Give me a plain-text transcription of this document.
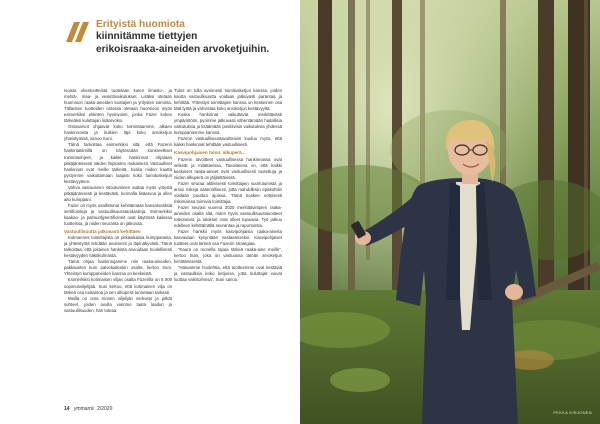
Erityistä huomiota
kiinnitämme tiettyjen
erikoisraaka-aineiden arvoketjuihin.

Isoista ohestuotteista tuotetaan kuten ilmasto-, ja metsä-, maa- ja vesistövaikutukset. Lisäksi otetaan huomioon raaka-aineiden tuottajien ja yritysten toiminta. Tällaisten tuotteiden ostossa otetaan huomioon myös esimerkiksi eläinten hyvinvointi, jonka Fazer kokee tärkeäksi kuluttajan lisäarvoksi.

Ostosarvot ohjaavat koko toimintaamme, alkaen hankinnoista ja kulkien läpi koko arvoketjun yhteistyössä, sanoo Suni.

Tämä tarkoittaa esimerkiksi sitä, että Fazerin hankintatiimillä on käytössään konkreettiset toimintaohjeet, ja kaikki hankinnat ohjataan pitkäjänteisesti näiden linjausten mukaisesti. Vastuulliset hankinnat ovat meille tärkeitä, koska niiden kautta pystymme vaikuttamaan laajasti koko toimitusketjun kestävyyteen.

Vahva vastuuseen sitoutuminen auttaa myös yritystä pitkäjänteisesti ja kestävästi, luomalla lisäarvoa ja ollen aito kumppani.

Fazer on myös osallistunut kehittämään kansainvälisiä sertifiointeja ja vastuullisuusstandardeja. Esimerkiksi kaakao- ja palmuöljysertifioinnit ovat käytössä kaikissa tuotteissa, ja niiden seuranta on jatkuvaa.

Vastuullisuutta jatkuvasti kehittäen

Kolmannes toimittajista on pitkäaikaisia kumppaneita, ja yhteistyötä tehdään avoimesti ja läpinäkyvästi. Tämä tarkoittaa, että jokainen hankinta arvioidaan huolellisesti kestävyyden näkökulmasta.

Tämä ohjaa hankintojamme niin raaka-aineiden, pakkausten kuin palveluidenkin osalta, kertoo Suni. Yhteistyö kumppaneiden kanssa on keskeistä.

Esimerkiksi kotimaisen viljan osalta Fazerilla on 6 000 sopimusviljelijää. Suni kertoo, että kotimainen vilja on tärkeä osa tuotantoa ja sen alkuperä tunnetaan tarkasti.

Meillä on oma monen viljelijän verkosto ja pitkät suhteet, joiden avulla voimme taata laadun ja vastuullisuuden, hän toteaa.

Tulos on tulla avoimesti toimitusketjun kanssa, joiden kautta vastuullisuutta voidaan jatkuvasti parantaa ja kehittää. Yhteistyö toimittajien kanssa on keskeinen osa tätä työtä ja vahvistaa koko arvoketjun kestävyyttä.

Koska hankinnat vaikuttavat merkittävästi ympäristöön, pyrimme jatkuvasti vähentämään haitallisia vaikutuksia ja lisäämään positiivisia vaikutuksia yhdessä kumppaniemme kanssa.

Fazerin vastuullisuustavoitteisiin kuuluu myös, että kaikki hankinnat tehdään vastuullisesti.

Kasvipohjaisen tulon, alkuperä...

Fazerin tavoitteet vastuullisessa hankinnassa ovat selkeät ja mitattavissa. Tavoitteena on, että kaikki keskeiset raaka-aineet ovat vastuullisesti tuotettuja ja niiden alkuperä on jäljitettävissä.

Fazer seuraa aktiivisesti toimittajien suoriutumista ja arvioi riskejä säännöllisesti, jotta mahdollisiin epäkohtiin voidaan puuttua ajoissa. Tämä koskee erityisesti riskimaissa toimivia toimittajia.

Fazer seurasi vuonna 2020 merkittävimpien raaka-aineiden osalta sitä, miten hyvin vastuullisuustavoitteet toteutuivat, ja tulokset ovat olleet lupaavia. Työ jatkuu edelleen kehittämällä seurantaa ja raportointia.

Fazer hankkii myös kasvipohjaisia raaka-aineita kasvavaan kysyntään vastaamiseksi. Kasvipohjaiset tuotteet ovat tärkeä osa Fazerin strategiaa.

"Kaura on monella tapaa tärkeä raaka-aine meille", kertoo Suni, joka on vastuussa tämän arvoketjun kehittämisestä.

"Haluamme huolehtia, että tuotteemme ovat kestäviä ja vastuullisia koko ketjussa, jotta kuluttajat voivat luottaa valintoihinsa", Suni sanoo.

14 ymmarrä 2/2020
PEKKA KIRJONEN
